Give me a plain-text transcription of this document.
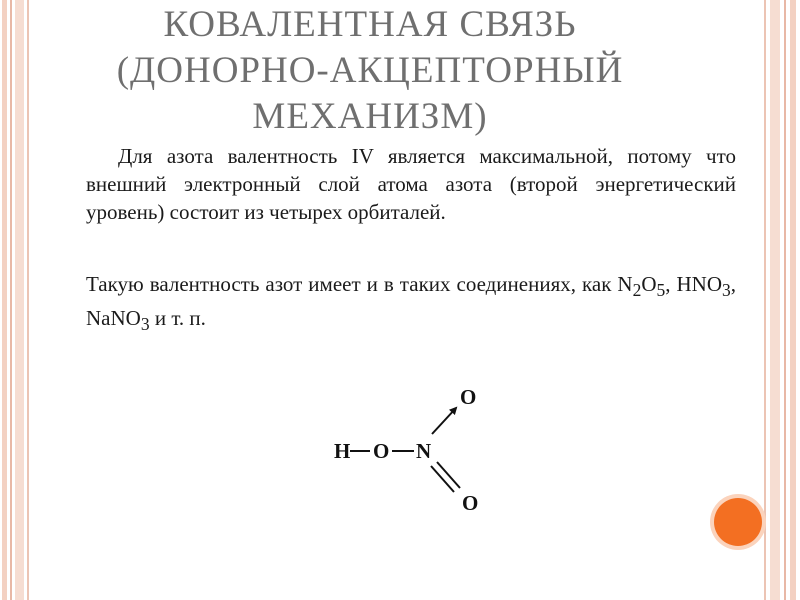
КОВАЛЕНТНАЯ СВЯЗЬ
(ДОНОРНО-АКЦЕПТОРНЫЙ
МЕХАНИЗМ)

Для азота валентность IV является максимальной, потому что внешний электронный слой атома азота (второй энергетический уровень) состоит из четырех орбиталей.

Такую валентность азот имеет и в таких соединениях, как $N_2O_5$, $HNO_3$, NaNO$_3$ и т. п.

H O N
O
O
